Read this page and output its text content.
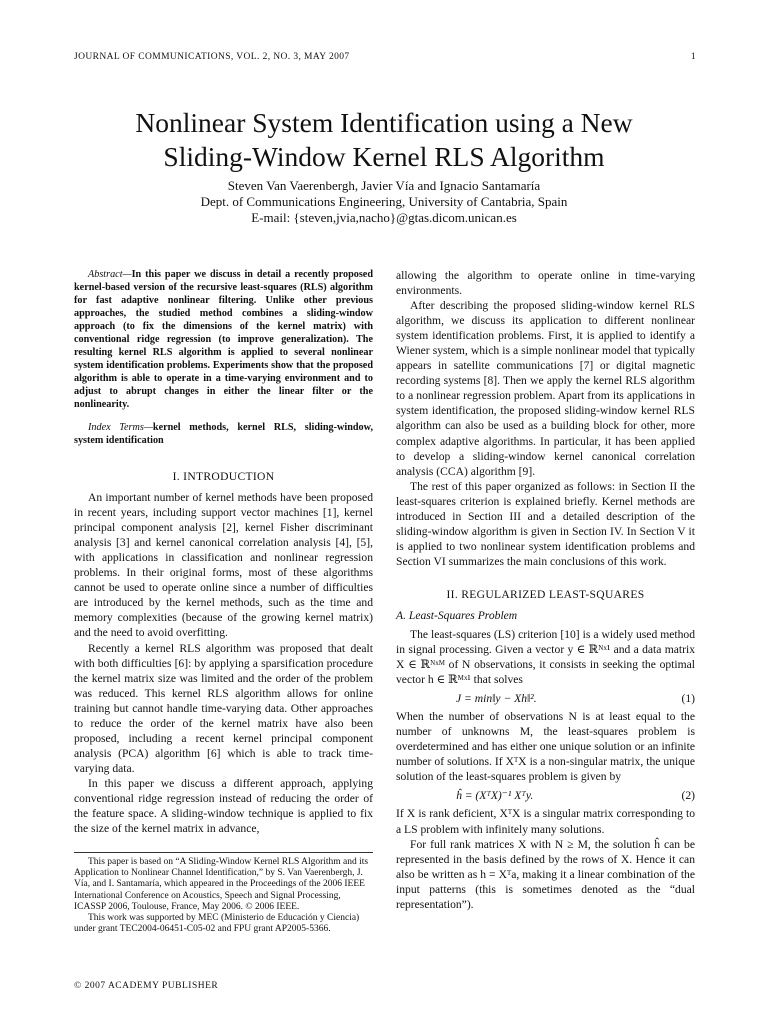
JOURNAL OF COMMUNICATIONS, VOL. 2, NO. 3, MAY 2007	1
Nonlinear System Identification using a New
Sliding-Window Kernel RLS Algorithm
Steven Van Vaerenbergh, Javier Vía and Ignacio Santamaría
Dept. of Communications Engineering, University of Cantabria, Spain
E-mail: {steven,jvia,nacho}@gtas.dicom.unican.es

Abstract—In this paper we discuss in detail a recently proposed kernel-based version of the recursive least-squares (RLS) algorithm for fast adaptive nonlinear filtering. Unlike other previous approaches, the studied method combines a sliding-window approach (to fix the dimensions of the kernel matrix) with conventional ridge regression (to improve generalization). The resulting kernel RLS algorithm is applied to several nonlinear system identification problems. Experiments show that the proposed algorithm is able to operate in a time-varying environment and to adjust to abrupt changes in either the linear filter or the nonlinearity.

Index Terms—kernel methods, kernel RLS, sliding-window, system identification

I. INTRODUCTION

An important number of kernel methods have been proposed in recent years, including support vector machines [1], kernel principal component analysis [2], kernel Fisher discriminant analysis [3] and kernel canonical correlation analysis [4], [5], with applications in classification and nonlinear regression problems. In their original forms, most of these algorithms cannot be used to operate online since a number of difficulties are introduced by the kernel methods, such as the time and memory complexities (because of the growing kernel matrix) and the need to avoid overfitting.

Recently a kernel RLS algorithm was proposed that dealt with both difficulties [6]: by applying a sparsification procedure the kernel matrix size was limited and the order of the problem was reduced. This kernel RLS algorithm allows for online training but cannot handle time-varying data. Other approaches to reduce the order of the kernel matrix have also been proposed, including a recent kernel principal component analysis (PCA) algorithm [6] which is able to track time-varying data.

In this paper we discuss a different approach, applying conventional ridge regression instead of reducing the order of the feature space. A sliding-window technique is applied to fix the size of the kernel matrix in advance,

This paper is based on “A Sliding-Window Kernel RLS Algorithm and its Application to Nonlinear Channel Identification,” by S. Van Vaerenbergh, J. Vía, and I. Santamaría, which appeared in the Proceedings of the 2006 IEEE International Conference on Acoustics, Speech and Signal Processing, ICASSP 2006, Toulouse, France, May 2006. © 2006 IEEE.

This work was supported by MEC (Ministerio de Educación y Ciencia) under grant TEC2004-06451-C05-02 and FPU grant AP2005-5366.

allowing the algorithm to operate online in time-varying environments.

After describing the proposed sliding-window kernel RLS algorithm, we discuss its application to different nonlinear system identification problems. First, it is applied to identify a Wiener system, which is a simple nonlinear model that typically appears in satellite communications [7] or digital magnetic recording systems [8]. Then we apply the kernel RLS algorithm to a nonlinear regression problem. Apart from its applications in system identification, the proposed sliding-window kernel RLS algorithm can also be used as a building block for other, more complex adaptive algorithms. In particular, it has been applied to develop a sliding-window kernel canonical correlation analysis (CCA) algorithm [9].

The rest of this paper organized as follows: in Section II the least-squares criterion is explained briefly. Kernel methods are introduced in Section III and a detailed description of the sliding-window algorithm is given in Section IV. In Section V it is applied to two nonlinear system identification problems and Section VI summarizes the main conclusions of this work.

II. REGULARIZED LEAST-SQUARES
A. Least-Squares Problem

The least-squares (LS) criterion [10] is a widely used method in signal processing. Given a vector y ∈ ℝᴺˣ¹ and a data matrix X ∈ ℝᴺˣᴹ of N observations, it consists in seeking the optimal vector h ∈ ℝᴹˣ¹ that solves

J = min‖y − Xh‖².	(1)

When the number of observations N is at least equal to the number of unknowns M, the least-squares problem is overdetermined and has either one unique solution or an infinite number of solutions. If XᵀX is a non-singular matrix, the unique solution of the least-squares problem is given by

ĥ = (XᵀX)⁻¹ Xᵀy.	(2)

If X is rank deficient, XᵀX is a singular matrix corresponding to a LS problem with infinitely many solutions.

For full rank matrices X with N ≥ M, the solution ĥ can be represented in the basis defined by the rows of X. Hence it can also be written as h = Xᵀa, making it a linear combination of the input patterns (this is sometimes denoted as the “dual representation”).

© 2007 ACADEMY PUBLISHER
